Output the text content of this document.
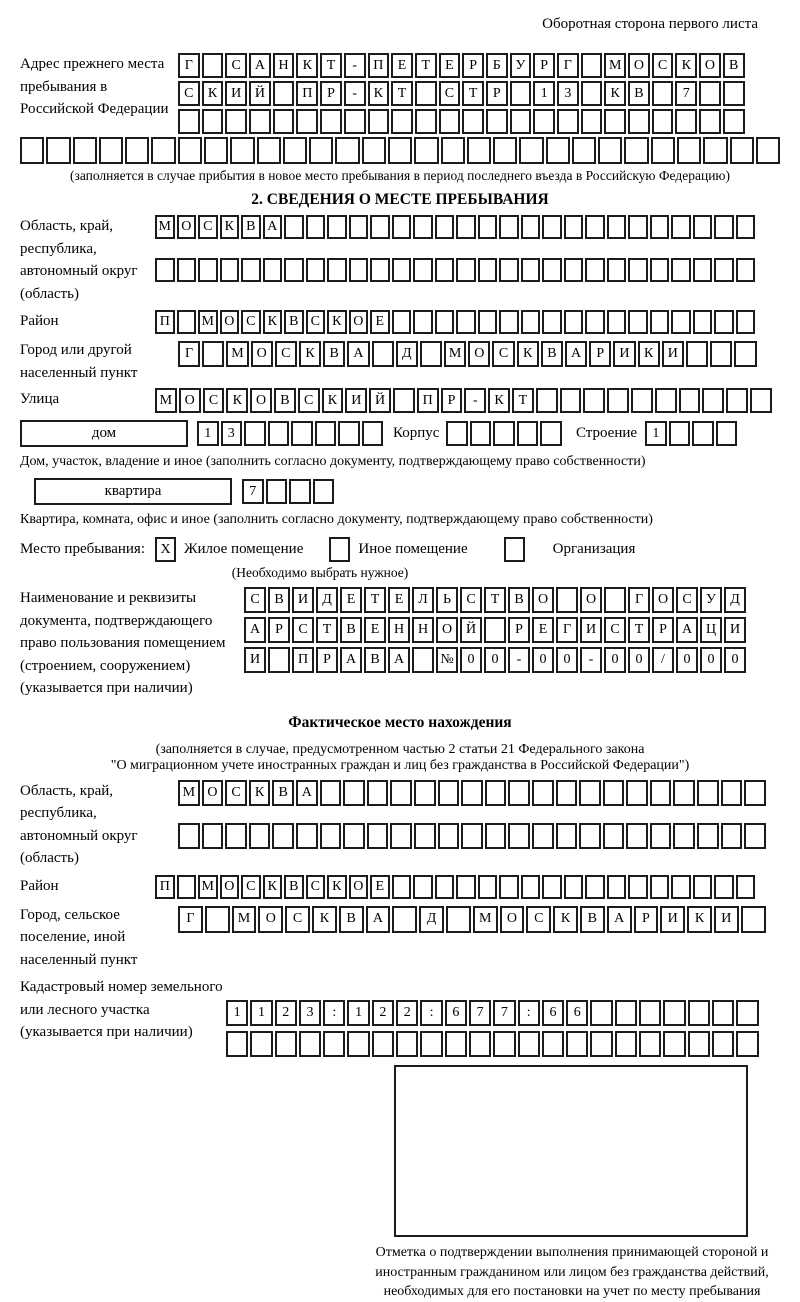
Оборотная сторона первого листа
Адрес прежнего места пребывания в Российской Федерации
Г	С А Н К	Т	-	П	Е	Т	Е	Р	Б	У	Р	Г	М О С	К О В
С	К И Й	П	Р	-	К	Т	С	Т	Р	1	3	К	В	7
(заполняется в случае прибытия в новое место пребывания в период последнего въезда в Российскую Федерацию)
2. СВЕДЕНИЯ О МЕСТЕ ПРЕБЫВАНИЯ
Область, край, республика, автономный округ (область)
М О С К В А
Район	П	М О С К В С К О Е
Город или другой населенный пункт
Г	М О	С	К	В	А	Д	М О	С	К	В	А	Р	И	К	И
Улица	М О	С	К	О	В	С	К	И Й	П	Р	-	К	Т
дом	1	3	Корпус	Строение	1
Дом, участок, владение и иное (заполнить согласно документу, подтверждающему право собственности)
квартира	7
Квартира, комната, офис и иное (заполнить согласно документу, подтверждающему право собственности)
Место пребывания:	X Жилое помещение	Иное помещение	Организация
(Необходимо выбрать нужное)
Наименование и реквизиты документа, подтверждающего право пользования помещением (строением, сооружением) (указывается при наличии)
С	В	И	Д	Е	Т	Е	Л	Ь	С	Т	В	О	О	Г	О	С	У	Д
А	Р	С	Т	В	Е	Н Н О Й	Р	Е	Г	И	С	Т	Р	А Ц И
И	П	Р	А	В	А	№ 0	0	-	0	0	-	0	0	/	0	0	0
Фактическое место нахождения
(заполняется в случае, предусмотренном частью 2 статьи 21 Федерального закона
"О миграционном учете иностранных граждан и лиц без гражданства в Российской Федерации")
Область, край, республика, автономный округ (область)
М О С	К	В А
Район	П	М О С К В С К О Е
Город, сельское поселение, иной населенный пункт
Г	М	О	С	К	В	А	Д	М	О	С	К	В	А	Р	И	К	И
Кадастровый номер земельного или лесного участка (указывается при наличии)
1	1	2	3	:	1	2	2	:	6	7	7	:	6	6
Отметка о подтверждении выполнения принимающей стороной и иностранным гражданином или лицом без гражданства действий, необходимых для его постановки на учет по месту пребывания
